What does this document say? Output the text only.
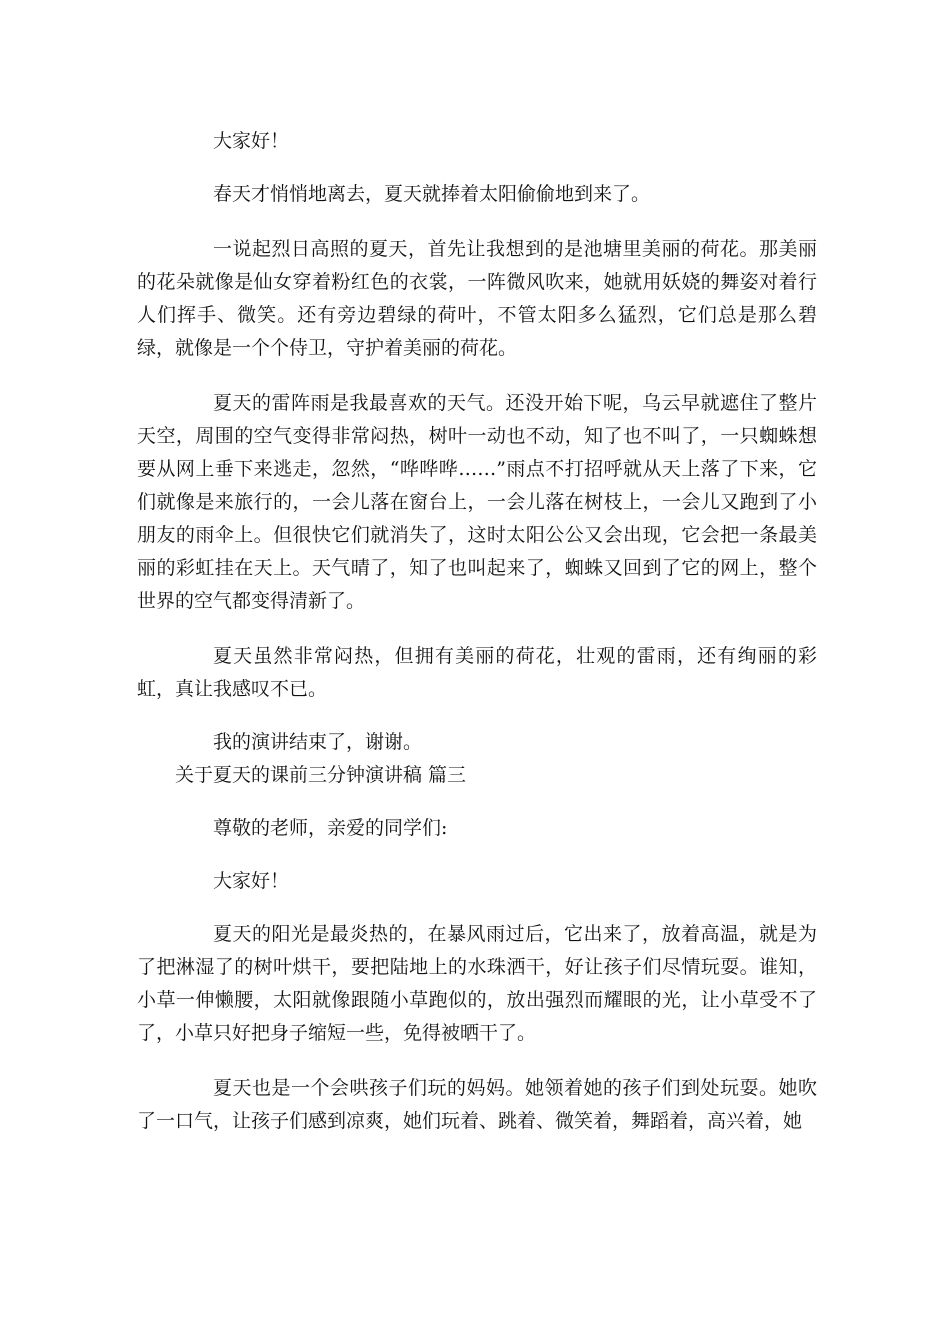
大家好！

春天才悄悄地离去，夏天就捧着太阳偷偷地到来了。

一说起烈日高照的夏天，首先让我想到的是池塘里美丽的荷花。那美丽的花朵就像是仙女穿着粉红色的衣裳，一阵微风吹来，她就用妖娆的舞姿对着行人们挥手、微笑。还有旁边碧绿的荷叶，不管太阳多么猛烈，它们总是那么碧绿，就像是一个个侍卫，守护着美丽的荷花。

夏天的雷阵雨是我最喜欢的天气。还没开始下呢，乌云早就遮住了整片天空，周围的空气变得非常闷热，树叶一动也不动，知了也不叫了，一只蜘蛛想要从网上垂下来逃走，忽然，“哗哗哗……”雨点不打招呼就从天上落了下来，它们就像是来旅行的，一会儿落在窗台上，一会儿落在树枝上，一会儿又跑到了小朋友的雨伞上。但很快它们就消失了，这时太阳公公又会出现，它会把一条最美丽的彩虹挂在天上。天气晴了，知了也叫起来了，蜘蛛又回到了它的网上，整个世界的空气都变得清新了。

夏天虽然非常闷热，但拥有美丽的荷花，壮观的雷雨，还有绚丽的彩虹，真让我感叹不已。

我的演讲结束了，谢谢。

关于夏天的课前三分钟演讲稿 篇三

尊敬的老师，亲爱的同学们:

大家好！

夏天的阳光是最炎热的，在暴风雨过后，它出来了，放着高温，就是为了把淋湿了的树叶烘干，要把陆地上的水珠洒干，好让孩子们尽情玩耍。谁知，小草一伸懒腰，太阳就像跟随小草跑似的，放出强烈而耀眼的光，让小草受不了了，小草只好把身子缩短一些，免得被晒干了。

夏天也是一个会哄孩子们玩的妈妈。她领着她的孩子们到处玩耍。她吹了一口气，让孩子们感到凉爽，她们玩着、跳着、微笑着，舞蹈着，高兴着，她
